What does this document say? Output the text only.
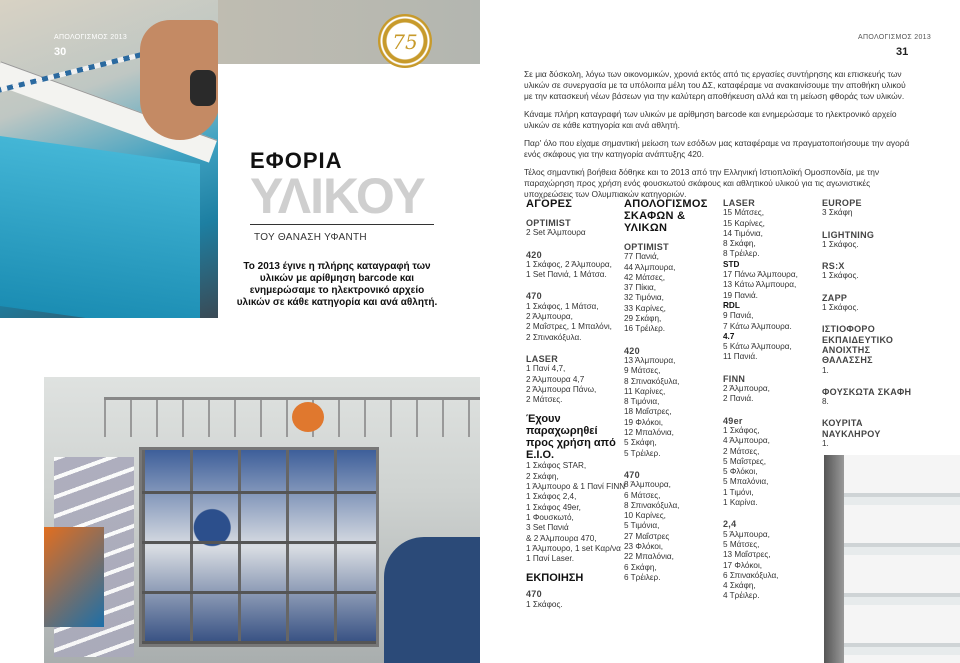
ΑΠΟΛΟΓΙΣΜΟΣ 2013
30
ΑΠΟΛΟΓΙΣΜΟΣ 2013
31
75
ΕΦΟΡΙΑ
ΥΛΙΚΟΥ
ΤΟΥ ΘΑΝΑΣΗ ΥΦΑΝΤΗ
Το 2013 έγινε η πλήρης καταγραφή των υλικών με αρίθμηση barcode και ενημερώσαμε το ηλεκτρονικό αρχείο υλικών σε κάθε κατηγορία και ανά αθλητή.

Σε μια δύσκολη, λόγω των οικονομικών, χρονιά εκτός από τις εργασίες συντήρησης και επισκευής των υλικών σε συνεργασία με τα υπόλοιπα μέλη του ΔΣ, καταφέραμε να ανακαινίσουμε την αποθήκη υλικού με την κατασκευή νέων βάσεων για την καλύτερη αποθήκευση αλλά και τη μείωση φθοράς των υλικών.

Κάναμε πλήρη καταγραφή των υλικών με αρίθμηση barcode και ενημερώσαμε το ηλεκτρονικό αρχείο υλικών σε κάθε κατηγορία και ανά αθλητή.

Παρ' όλο που είχαμε σημαντική μείωση των εσόδων μας καταφέραμε να πραγματοποιήσουμε την αγορά ενός σκάφους για την κατηγορία ανάπτυξης 420.

Τέλος σημαντική βοήθεια δόθηκε και το 2013 από την Ελληνική Ιστιοπλοϊκή Ομοσπονδία, με την παραχώρηση προς χρήση ενός φουσκωτού σκάφους και αθλητικού υλικού για τις αγωνιστικές υποχρεώσεις των Ολυμπιακών κατηγοριών.

ΑΓΟΡΕΣ
OPTIMIST
2 Set Άλμπουρα
420
1 Σκάφος, 2 Άλμπουρα,
1 Set Πανιά, 1 Μάτσα.
470
1 Σκάφος, 1 Μάτσα,
2 Άλμπουρα,
2 Μαΐστρες, 1 Μπαλόνι,
2 Σπινακόξυλα.
LASER
1 Πανί 4,7,
2 Άλμπουρα 4,7
2 Άλμπουρα Πάνω,
2 Μάτσες.
Έχουν παραχωρηθεί προς χρήση από Ε.Ι.Ο.
1 Σκάφος STAR,
2 Σκάφη,
1 Άλμπουρο & 1 Πανί FINN
1 Σκάφος 2,4,
1 Σκάφος 49er,
1 Φουσκωτό,
3 Set Πανιά
& 2 Άλμπουρα 470,
1 Άλμπουρο, 1 set Καρ/να
1 Πανί Laser.
ΕΚΠΟΙΗΣΗ
470
1 Σκάφος.
ΑΠΟΛΟΓΙΣΜΟΣ ΣΚΑΦΩΝ & ΥΛΙΚΩΝ
OPTIMIST
77 Πανιά,
44 Άλμπουρα,
42 Μάτσες,
37 Πίκια,
32 Τιμόνια,
33 Καρίνες,
29 Σκάφη,
16 Τρέιλερ.
420
13 Άλμπουρα,
9 Μάτσες,
8 Σπινακόξυλα,
11 Καρίνες,
8 Τιμόνια,
18 Μαΐστρες,
19 Φλόκοι,
12 Μπαλόνια,
5 Σκάφη,
5 Τρέιλερ.
470
8 Άλμπουρα,
6 Μάτσες,
8 Σπινακόξυλα,
10 Καρίνες,
5 Τιμόνια,
27 Μαΐστρες
23 Φλόκοι,
22 Μπαλόνια,
6 Σκάφη,
6 Τρέιλερ.
LASER
15 Μάτσες,
15 Καρίνες,
14 Τιμόνια,
8 Σκάφη,
8 Τρέιλερ.
STD
17 Πάνω Άλμπουρα,
13 Κάτω Άλμπουρα,
19 Πανιά.
RDL
9 Πανιά,
7 Κάτω Άλμπουρα.
4.7
5 Κάτω Άλμπουρα,
11 Πανιά.
FINN
2 Άλμπουρα,
2 Πανιά.
49er
1 Σκάφος,
4 Άλμπουρα,
2 Μάτσες,
5 Μαΐστρες,
5 Φλόκοι,
5 Μπαλόνια,
1 Τιμόνι,
1 Καρίνα.
2,4
5 Άλμπουρα,
5 Μάτσες,
13 Μαΐστρες,
17 Φλόκοι,
6 Σπινακόξυλα,
4 Σκάφη,
4 Τρέιλερ.
EUROPE
3 Σκάφη
LIGHTNING
1 Σκάφος.
RS:X
1 Σκάφος.
ZAPP
1 Σκάφος.
ΙΣΤΙΟΦΟΡΟ ΕΚΠΑΙΔΕΥΤΙΚΟ ΑΝΟΙΧΤΗΣ ΘΑΛΑΣΣΗΣ
1.
ΦΟΥΣΚΩΤΑ ΣΚΑΦΗ
8.
ΚΟΥΡΙΤΑ ΝΑΥΚΛΗΡΟΥ
1.
